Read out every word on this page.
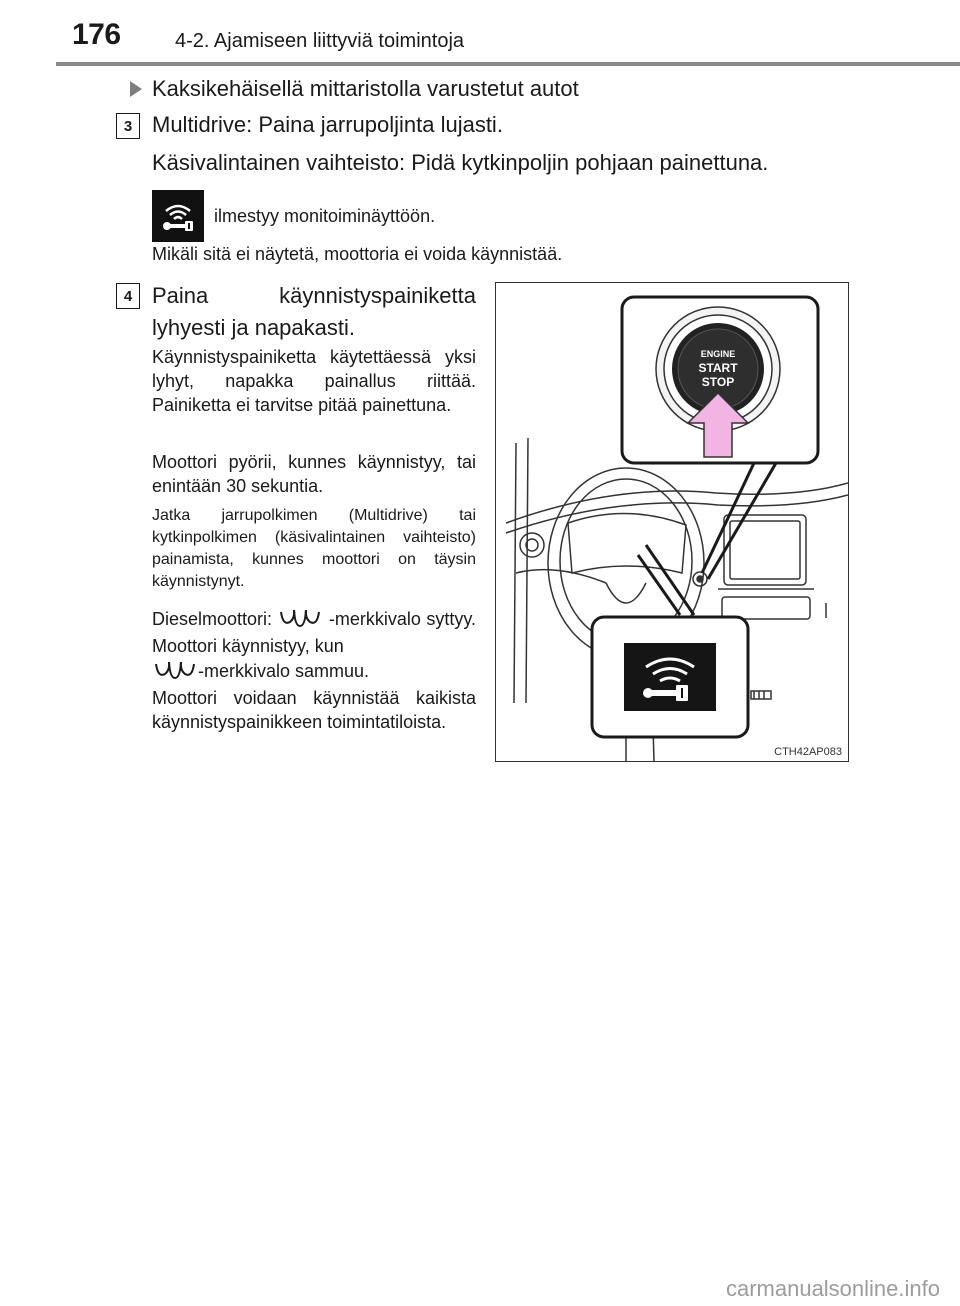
176	4-2. Ajamiseen liittyviä toimintoja
Kaksikehäisellä mittaristolla varustetut autot
3 Multidrive: Paina jarrupoljinta lujasti.
Käsivalintainen vaihteisto: Pidä kytkinpoljin pohjaan painettuna.
ilmestyy monitoiminäyttöön.
Mikäli sitä ei näytetä, moottoria ei voida käynnistää.
4 Paina käynnistyspainiketta lyhyesti ja napakasti.
Käynnistyspainiketta käytettäessä yksi lyhyt, napakka painallus riittää. Painiketta ei tarvitse pitää painettuna.
Moottori pyörii, kunnes käynnistyy, tai enintään 30 sekuntia.
Jatka jarrupolkimen (Multidrive) tai kytkinpolkimen (käsivalintainen vaihteisto) painamista, kunnes moottori on täysin käynnistynyt.
Dieselmoottori:	-merkkivalo syttyy. Moottori käynnistyy, kun
-merkkivalo sammuu.
Moottori voidaan käynnistää kaikista käynnistyspainikkeen toimintatiloista.
ENGINE
START
STOP
CTH42AP083
carmanualsonline.info
